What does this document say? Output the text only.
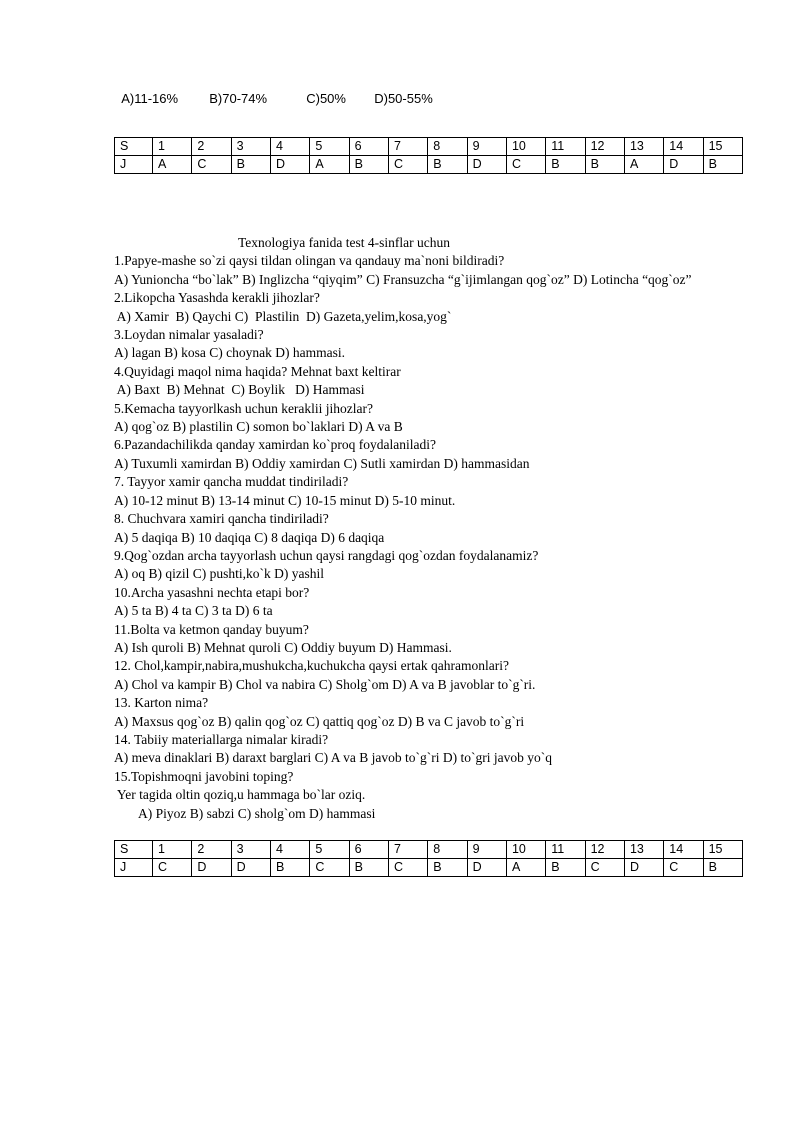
A)11-16% B)70-74%	C)50% D)50-55%

S	1	2	3	4	5	6	7	8	9	10	11	12	13	14	15
J	A	C	B	D	A	B	C	B	D	C	B	B	A	D	B
Texnologiya fanida test 4-sinflar uchun
1.Papye-mashe so`zi qaysi tildan olingan va qandauy ma`noni bildiradi?
A) Yunioncha “bo`lak” B) Inglizcha “qiyqim” C) Fransuzcha “g`ijimlangan qog`oz” D) Lotincha “qog`oz”
2.Likopcha Yasashda kerakli jihozlar?
A) Xamir  B) Qaychi C)  Plastilin  D) Gazeta,yelim,kosa,yog`
3.Loydan nimalar yasaladi?
A) lagan B) kosa C) choynak D) hammasi.
4.Quyidagi maqol nima haqida? Mehnat baxt keltirar
A) Baxt  B) Mehnat  C) Boylik   D) Hammasi
5.Kemacha tayyorlkash uchun keraklii jihozlar?
A) qog`oz B) plastilin C) somon bo`laklari D) A va B
6.Pazandachilikda qanday xamirdan ko`proq foydalaniladi?
A) Tuxumli xamirdan B) Oddiy xamirdan C) Sutli xamirdan D) hammasidan
7. Tayyor xamir qancha muddat tindiriladi?
A) 10-12 minut B) 13-14 minut C) 10-15 minut D) 5-10 minut.
8. Chuchvara xamiri qancha tindiriladi?
A) 5 daqiqa B) 10 daqiqa C) 8 daqiqa D) 6 daqiqa
9.Qog`ozdan archa tayyorlash uchun qaysi rangdagi qog`ozdan foydalanamiz?
A) oq B) qizil C) pushti,ko`k D) yashil
10.Archa yasashni nechta etapi bor?
A) 5 ta B) 4 ta C) 3 ta D) 6 ta
11.Bolta va ketmon qanday buyum?
A) Ish quroli B) Mehnat quroli C) Oddiy buyum D) Hammasi.
12. Chol,kampir,nabira,mushukcha,kuchukcha qaysi ertak qahramonlari?
A) Chol va kampir B) Chol va nabira C) Sholg`om D) A va B javoblar to`g`ri.
13. Karton nima?
A) Maxsus qog`oz B) qalin qog`oz C) qattiq qog`oz D) B va C javob to`g`ri
14. Tabiiy materiallarga nimalar kiradi?
A) meva dinaklari B) daraxt barglari C) A va B javob to`g`ri D) to`gri javob yo`q
15.Topishmoqni javobini toping?
Yer tagida oltin qoziq,u hammaga bo`lar oziq.
A) Piyoz B) sabzi C) sholg`om D) hammasi
S	1	2	3	4	5	6	7	8	9	10	11	12	13	14	15
J	C	D	D	B	C	B	C	B	D	A	B	C	D	C	B
